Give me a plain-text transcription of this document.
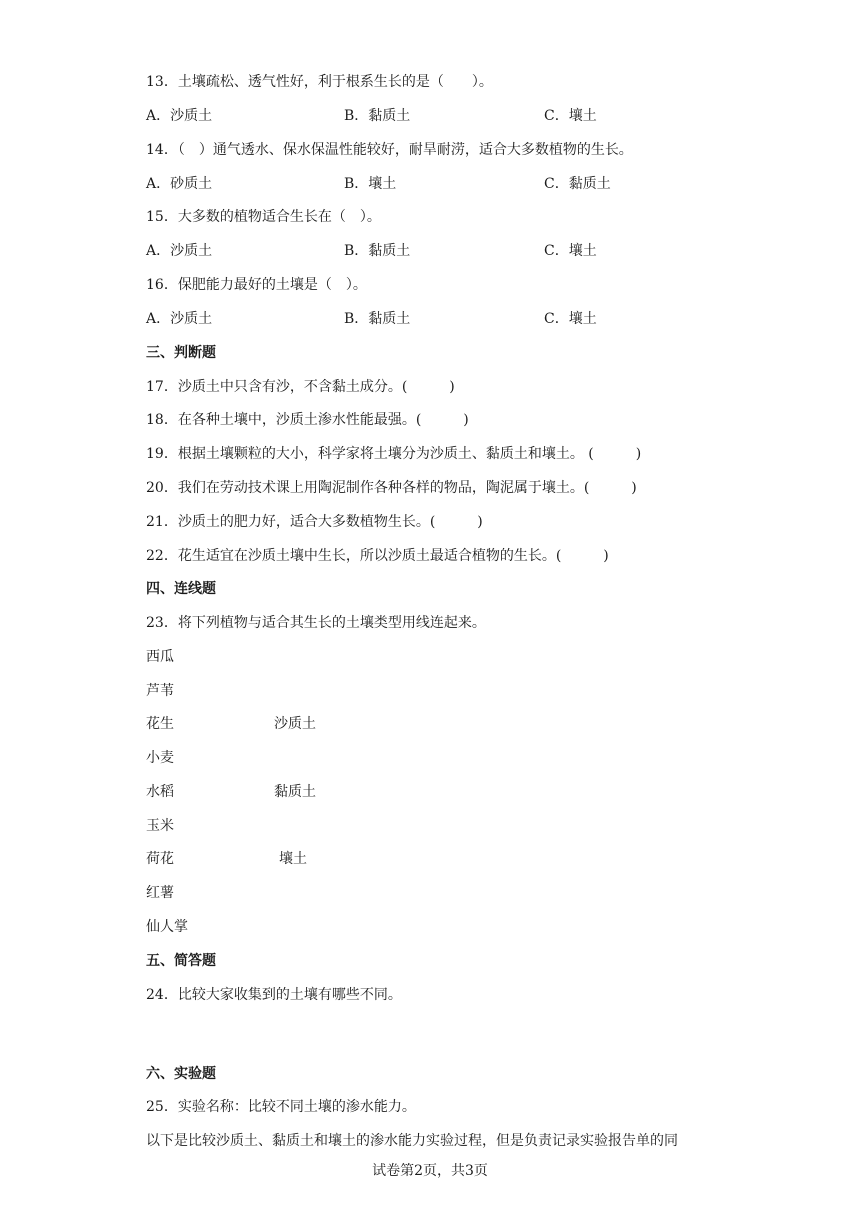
13．土壤疏松、透气性好，利于根系生长的是（　　）。
A．沙质土	B．黏质土	C．壤土
14．（　）通气透水、保水保温性能较好，耐旱耐涝，适合大多数植物的生长。
A．砂质土	B．壤土	C．黏质土
15．大多数的植物适合生长在（　）。
A．沙质土	B．黏质土	C．壤土
16．保肥能力最好的土壤是（　）。
A．沙质土	B．黏质土	C．壤土
三、判断题
17．沙质土中只含有沙，不含黏土成分。(　　　)
18．在各种土壤中，沙质土渗水性能最强。(　　　)
19．根据土壤颗粒的大小，科学家将土壤分为沙质土、黏质土和壤土。 (　　　)
20．我们在劳动技术课上用陶泥制作各种各样的物品，陶泥属于壤土。(　　　)
21．沙质土的肥力好，适合大多数植物生长。(　　　)
22．花生适宜在沙质土壤中生长，所以沙质土最适合植物的生长。(　　　)
四、连线题
23．将下列植物与适合其生长的土壤类型用线连起来。
西瓜
芦苇
花生
小麦
水稻
玉米
荷花
红薯
仙人掌
沙质土
黏质土
壤土
五、简答题
24．比较大家收集到的土壤有哪些不同。
六、实验题
25．实验名称：比较不同土壤的渗水能力。
以下是比较沙质土、黏质土和壤土的渗水能力实验过程，但是负责记录实验报告单的同
试卷第2页，共3页
